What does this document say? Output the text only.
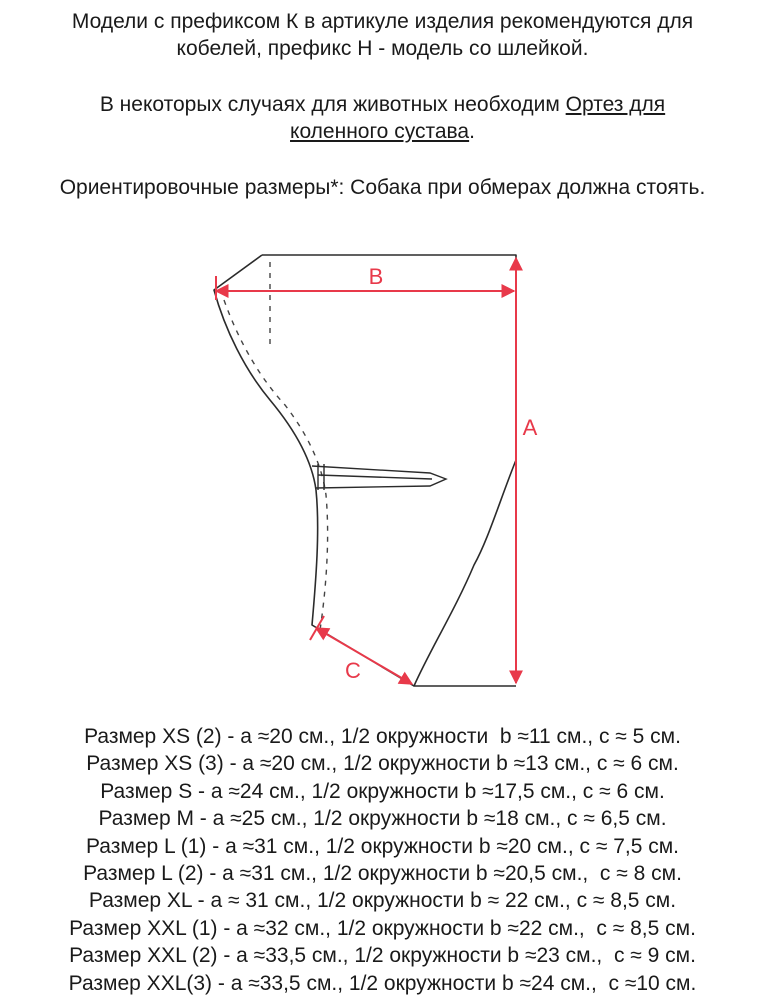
Модели с префиксом К в артикуле изделия рекомендуются для
кобелей, префикс Н - модель со шлейкой.
В некоторых случаях для животных необходим Ортез для
коленного сустава.
Ориентировочные размеры*: Собака при обмерах должна стоять.
B
A
C
Размер XS (2) - a ≈20 см., 1/2 окружности  b ≈11 см., c ≈ 5 см.
Размер XS (3) - a ≈20 см., 1/2 окружности b ≈13 см., c ≈ 6 см.
Размер S - a ≈24 см., 1/2 окружности b ≈17,5 см., c ≈ 6 см.
Размер M - a ≈25 см., 1/2 окружности b ≈18 см., c ≈ 6,5 см.
Размер L (1) - a ≈31 см., 1/2 окружности b ≈20 см., c ≈ 7,5 см.
Размер L (2) - a ≈31 см., 1/2 окружности b ≈20,5 см.,  c ≈ 8 см.
Размер XL - a ≈ 31 см., 1/2 окружности b ≈ 22 см., c ≈ 8,5 см.
Размер XXL (1) - a ≈32 см., 1/2 окружности b ≈22 см.,  c ≈ 8,5 см.
Размер XXL (2) - a ≈33,5 см., 1/2 окружности b ≈23 см.,  c ≈ 9 см.
Размер XXL(3) - a ≈33,5 см., 1/2 окружности b ≈24 см.,  c ≈10 см.
